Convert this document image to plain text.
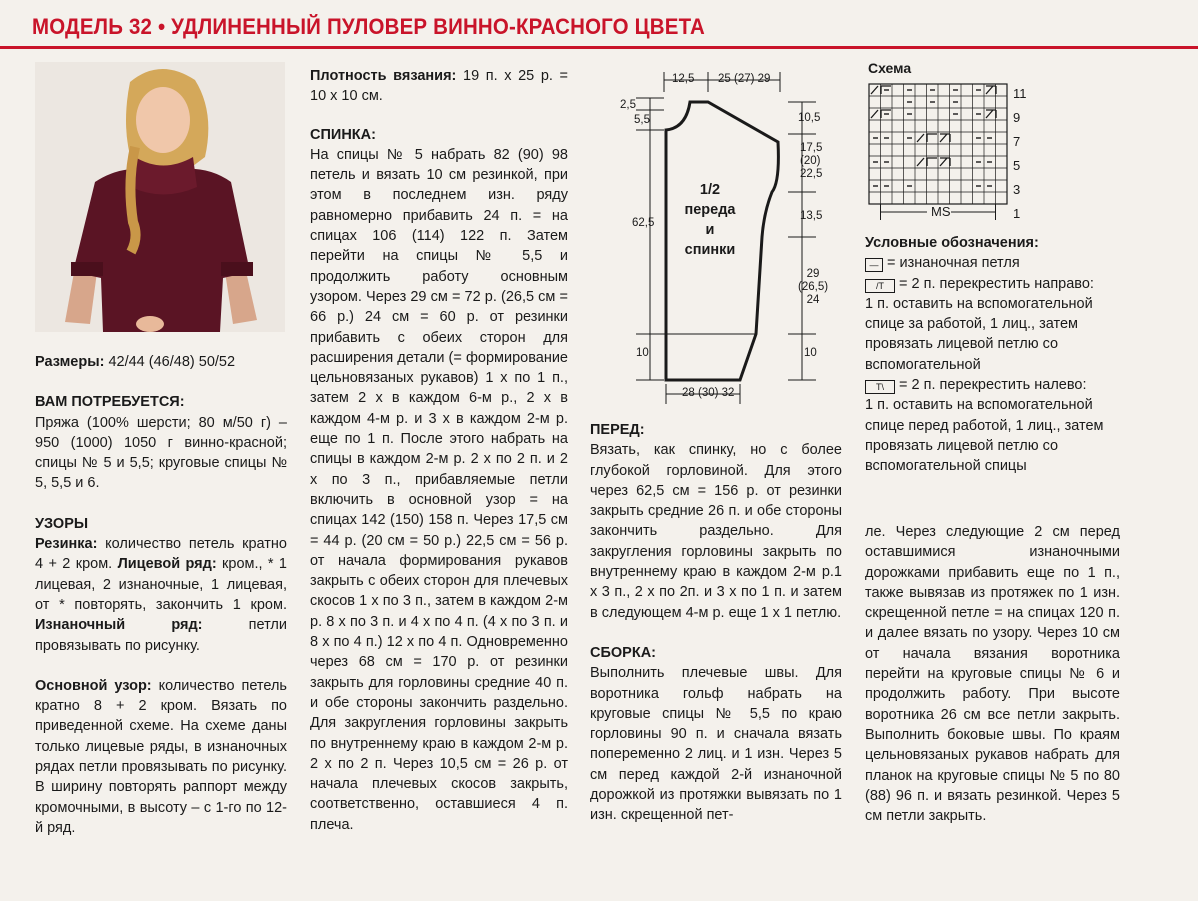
МОДЕЛЬ 32 • УДЛИНЕННЫЙ ПУЛОВЕР ВИННО-КРАСНОГО ЦВЕТА

Размеры: 42/44 (46/48) 50/52

ВАМ ПОТРЕБУЕТСЯ:

Пряжа (100% шерсти; 80 м/50 г) – 950 (1000) 1050 г винно-красной; спицы № 5 и 5,5; круговые спицы № 5, 5,5 и 6.

УЗОРЫ

Резинка: количество петель кратно 4 + 2 кром. Лицевой ряд: кром., * 1 лицевая, 2 изнаночные, 1 лицевая, от * повторять, закончить 1 кром. Изнаночный ряд: петли провязывать по рисунку.

Основной узор: количество петель кратно 8 + 2 кром. Вязать по приведенной схеме. На схеме даны только лицевые ряды, в изнаночных рядах петли провязывать по рисунку. В ширину повторять раппорт между кромочными, в высоту – с 1-го по 12-й ряд.

Плотность вязания: 19 п. х 25 р. = 10 х 10 см.

СПИНКА:

На спицы № 5 набрать 82 (90) 98 петель и вязать 10 см резинкой, при этом в последнем изн. ряду равномерно прибавить 24 п. = на спицах 106 (114) 122 п. Затем перейти на спицы № 5,5 и продолжить работу основным узором. Через 29 см = 72 р. (26,5 см = 66 р.) 24 см = 60 р. от резинки прибавить с обеих сторон для расширения детали (= формирование цельновязаных рукавов) 1 х по 1 п., затем 2 х в каждом 6-м р., 2 х в каждом 4-м р. и 3 х в каждом 2-м р. еще по 1 п. После этого набрать на спицы в каждом 2-м р. 2 х по 2 п. и 2 х по 3 п., прибавляемые петли включить в основной узор = на спицах 142 (150) 158 п. Через 17,5 см = 44 р. (20 см = 50 р.) 22,5 см = 56 р. от начала формирования рукавов закрыть с обеих сторон для плечевых скосов 1 х по 3 п., затем в каждом 2-м р. 8 х по 3 п. и 4 х по 4 п. (4 х по 3 п. и 8 х по 4 п.) 12 х по 4 п. Одновременно через 68 см = 170 р. от резинки закрыть для горловины средние 40 п. и обе стороны закончить раздельно. Для закругления горловины закрыть по внутреннему краю в каждом 2-м р. 2 х по 2 п. Через 10,5 см = 26 р. от начала плечевых скосов закрыть, соответственно, оставшиеся 4 п. плеча.

12,5 25 (27) 29
2,5
5,5
62,5
10
10,5
17,5
(20)
22,5
13,5
29
(26,5)
24
10
28 (30) 32
1/2
переда
и спинки

ПЕРЕД:

Вязать, как спинку, но с более глубокой горловиной. Для этого через 62,5 см = 156 р. от резинки закрыть средние 26 п. и обе стороны закончить раздельно. Для закругления горловины закрыть по внутреннему краю в каждом 2-м р.1 х 3 п., 2 х по 2п. и 3 х по 1 п. и затем в следующем 4-м р. еще 1 х 1 петлю.

СБОРКА:

Выполнить плечевые швы. Для воротника гольф набрать на круговые спицы № 5,5 по краю горловины 90 п. и сначала вязать попеременно 2 лиц. и 1 изн. Через 5 см перед каждой 2-й изнаночной дорожкой из протяжки вывязать по 1 изн. скрещенной пет-

Схема
11
9
7
5
3
1
MS

Условные обозначения:

— = изнаночная петля

/T = 2 п. перекрестить направо:

1 п. оставить на вспомогательной спице за работой, 1 лиц., затем провязать лицевой петлю со вспомогательной

T\ = 2 п. перекрестить налево:

1 п. оставить на вспомогательной спице перед работой, 1 лиц., затем провязать лицевой петлю со вспомогательной спицы

ле. Через следующие 2 см перед оставшимися изнаночными дорожками прибавить еще по 1 п., также вывязав из протяжек по 1 изн. скрещенной петле = на спицах 120 п. и далее вязать по узору. Через 10 см от начала вязания воротника перейти на круговые спицы № 6 и продолжить работу. При высоте воротника 26 см все петли закрыть. Выполнить боковые швы. По краям цельновязаных рукавов набрать для планок на круговые спицы № 5 по 80 (88) 96 п. и вязать резинкой. Через 5 см петли закрыть.
